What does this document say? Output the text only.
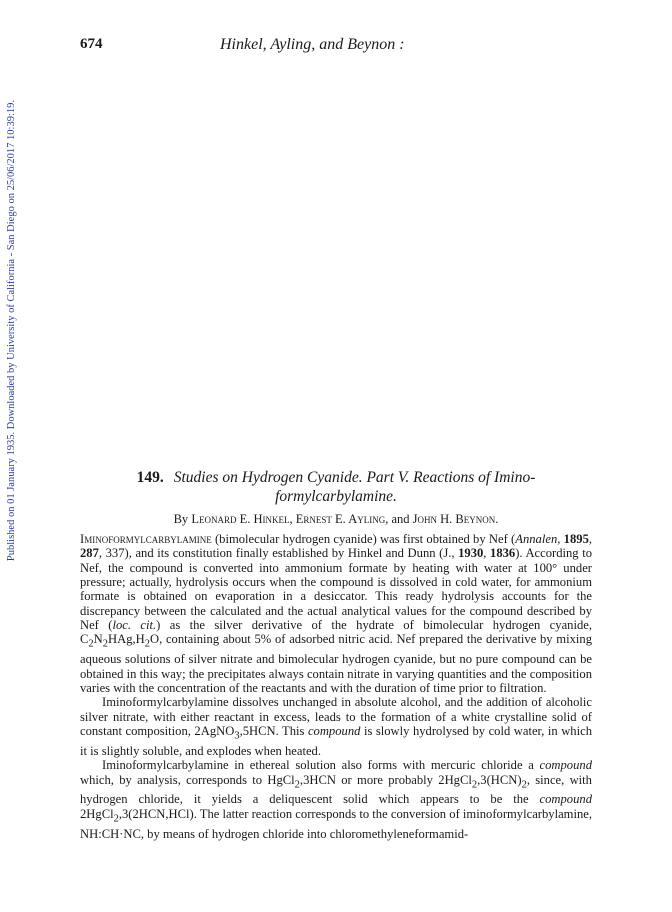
Published on 01 January 1935. Downloaded by University of California - San Diego on 25/06/2017 10:39:19.
674	Hinkel, Ayling, and Beynon :
149. Studies on Hydrogen Cyanide. Part V. Reactions of Imino-
formylcarbylamine.
By Leonard E. Hinkel, Ernest E. Ayling, and John H. Beynon.

Iminoformylcarbylamine (bimolecular hydrogen cyanide) was first obtained by Nef (Annalen, 1895, 287, 337), and its constitution finally established by Hinkel and Dunn (J., 1930, 1836). According to Nef, the compound is converted into ammonium formate by heating with water at 100° under pressure; actually, hydrolysis occurs when the compound is dissolved in cold water, for ammonium formate is obtained on evaporation in a desiccator. This ready hydrolysis accounts for the discrepancy between the calculated and the actual analytical values for the compound described by Nef (loc. cit.) as the silver derivative of the hydrate of bimolecular hydrogen cyanide, $C_2N_2HAg,H_2O$, containing about 5% of adsorbed nitric acid. Nef prepared the derivative by mixing aqueous solutions of silver nitrate and bimolecular hydrogen cyanide, but no pure compound can be obtained in this way; the precipitates always contain nitrate in varying quantities and the composition varies with the concentration of the reactants and with the duration of time prior to filtration.

Iminoformylcarbylamine dissolves unchanged in absolute alcohol, and the addition of alcoholic silver nitrate, with either reactant in excess, leads to the formation of a white crystalline solid of constant composition, 2AgNO$_3$,5HCN. This compound is slowly hydrolysed by cold water, in which it is slightly soluble, and explodes when heated.

Iminoformylcarbylamine in ethereal solution also forms with mercuric chloride a compound which, by analysis, corresponds to HgCl$_2$,3HCN or more probably $2HgCl_2,3(HCN)_2$, since, with hydrogen chloride, it yields a deliquescent solid which appears to be the compound 2HgCl$_2$,3(2HCN,HCl). The latter reaction corresponds to the conversion of iminoformylcarbylamine, NH:CH·NC, by means of hydrogen chloride into chloromethyleneformamid-
